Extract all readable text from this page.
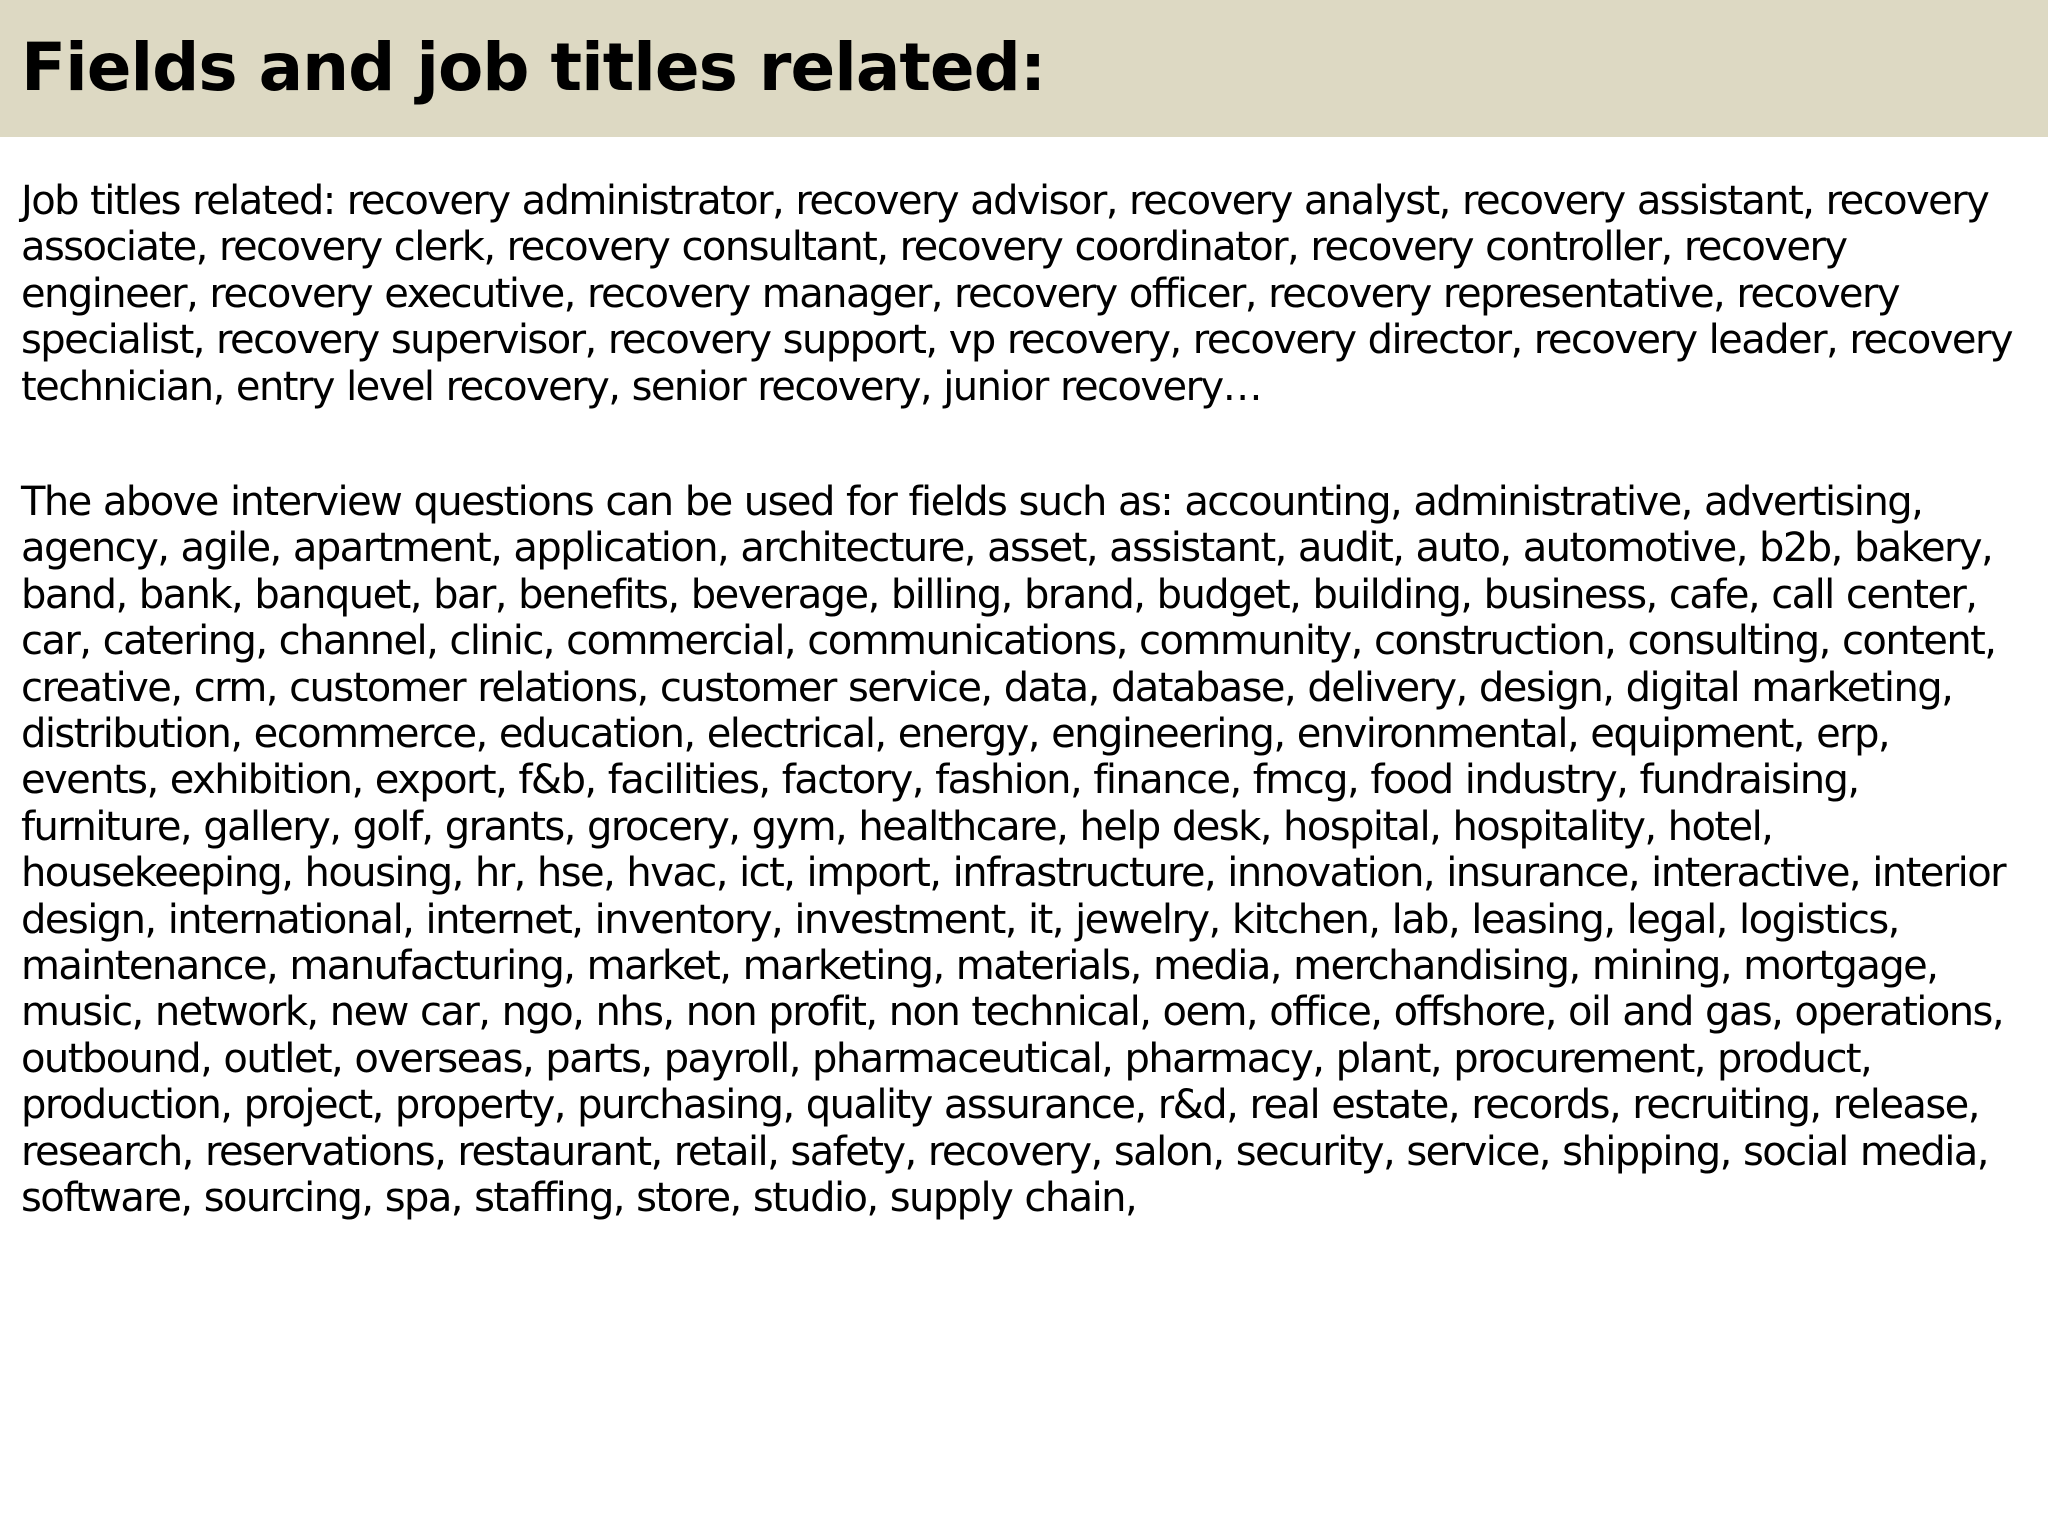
Fields and job titles related:

Job titles related: recovery administrator, recovery advisor, recovery analyst, recovery assistant, recovery associate, recovery clerk, recovery consultant, recovery coordinator, recovery controller, recovery engineer, recovery executive, recovery manager, recovery officer, recovery representative, recovery specialist, recovery supervisor, recovery support, vp recovery, recovery director, recovery leader, recovery technician, entry level recovery, senior recovery, junior recovery…

The above interview questions can be used for fields such as: accounting, administrative, advertising, agency, agile, apartment, application, architecture, asset, assistant, audit, auto, automotive, b2b, bakery, band, bank, banquet, bar, benefits, beverage, billing, brand, budget, building, business, cafe, call center, car, catering, channel, clinic, commercial, communications, community, construction, consulting, content, creative, crm, customer relations, customer service, data, database, delivery, design, digital marketing, distribution, ecommerce, education, electrical, energy, engineering, environmental, equipment, erp, events, exhibition, export, f&b, facilities, factory, fashion, finance, fmcg, food industry, fundraising, furniture, gallery, golf, grants, grocery, gym, healthcare, help desk, hospital, hospitality, hotel, housekeeping, housing, hr, hse, hvac, ict, import, infrastructure, innovation, insurance, interactive, interior design, international, internet, inventory, investment, it, jewelry, kitchen, lab, leasing, legal, logistics, maintenance, manufacturing, market, marketing, materials, media, merchandising, mining, mortgage, music, network, new car, ngo, nhs, non profit, non technical, oem, office, offshore, oil and gas, operations, outbound, outlet, overseas, parts, payroll, pharmaceutical, pharmacy, plant, procurement, product, production, project, property, purchasing, quality assurance, r&d, real estate, records, recruiting, release, research, reservations, restaurant, retail, safety, recovery, salon, security, service, shipping, social media, software, sourcing, spa, staffing, store, studio, supply chain,
